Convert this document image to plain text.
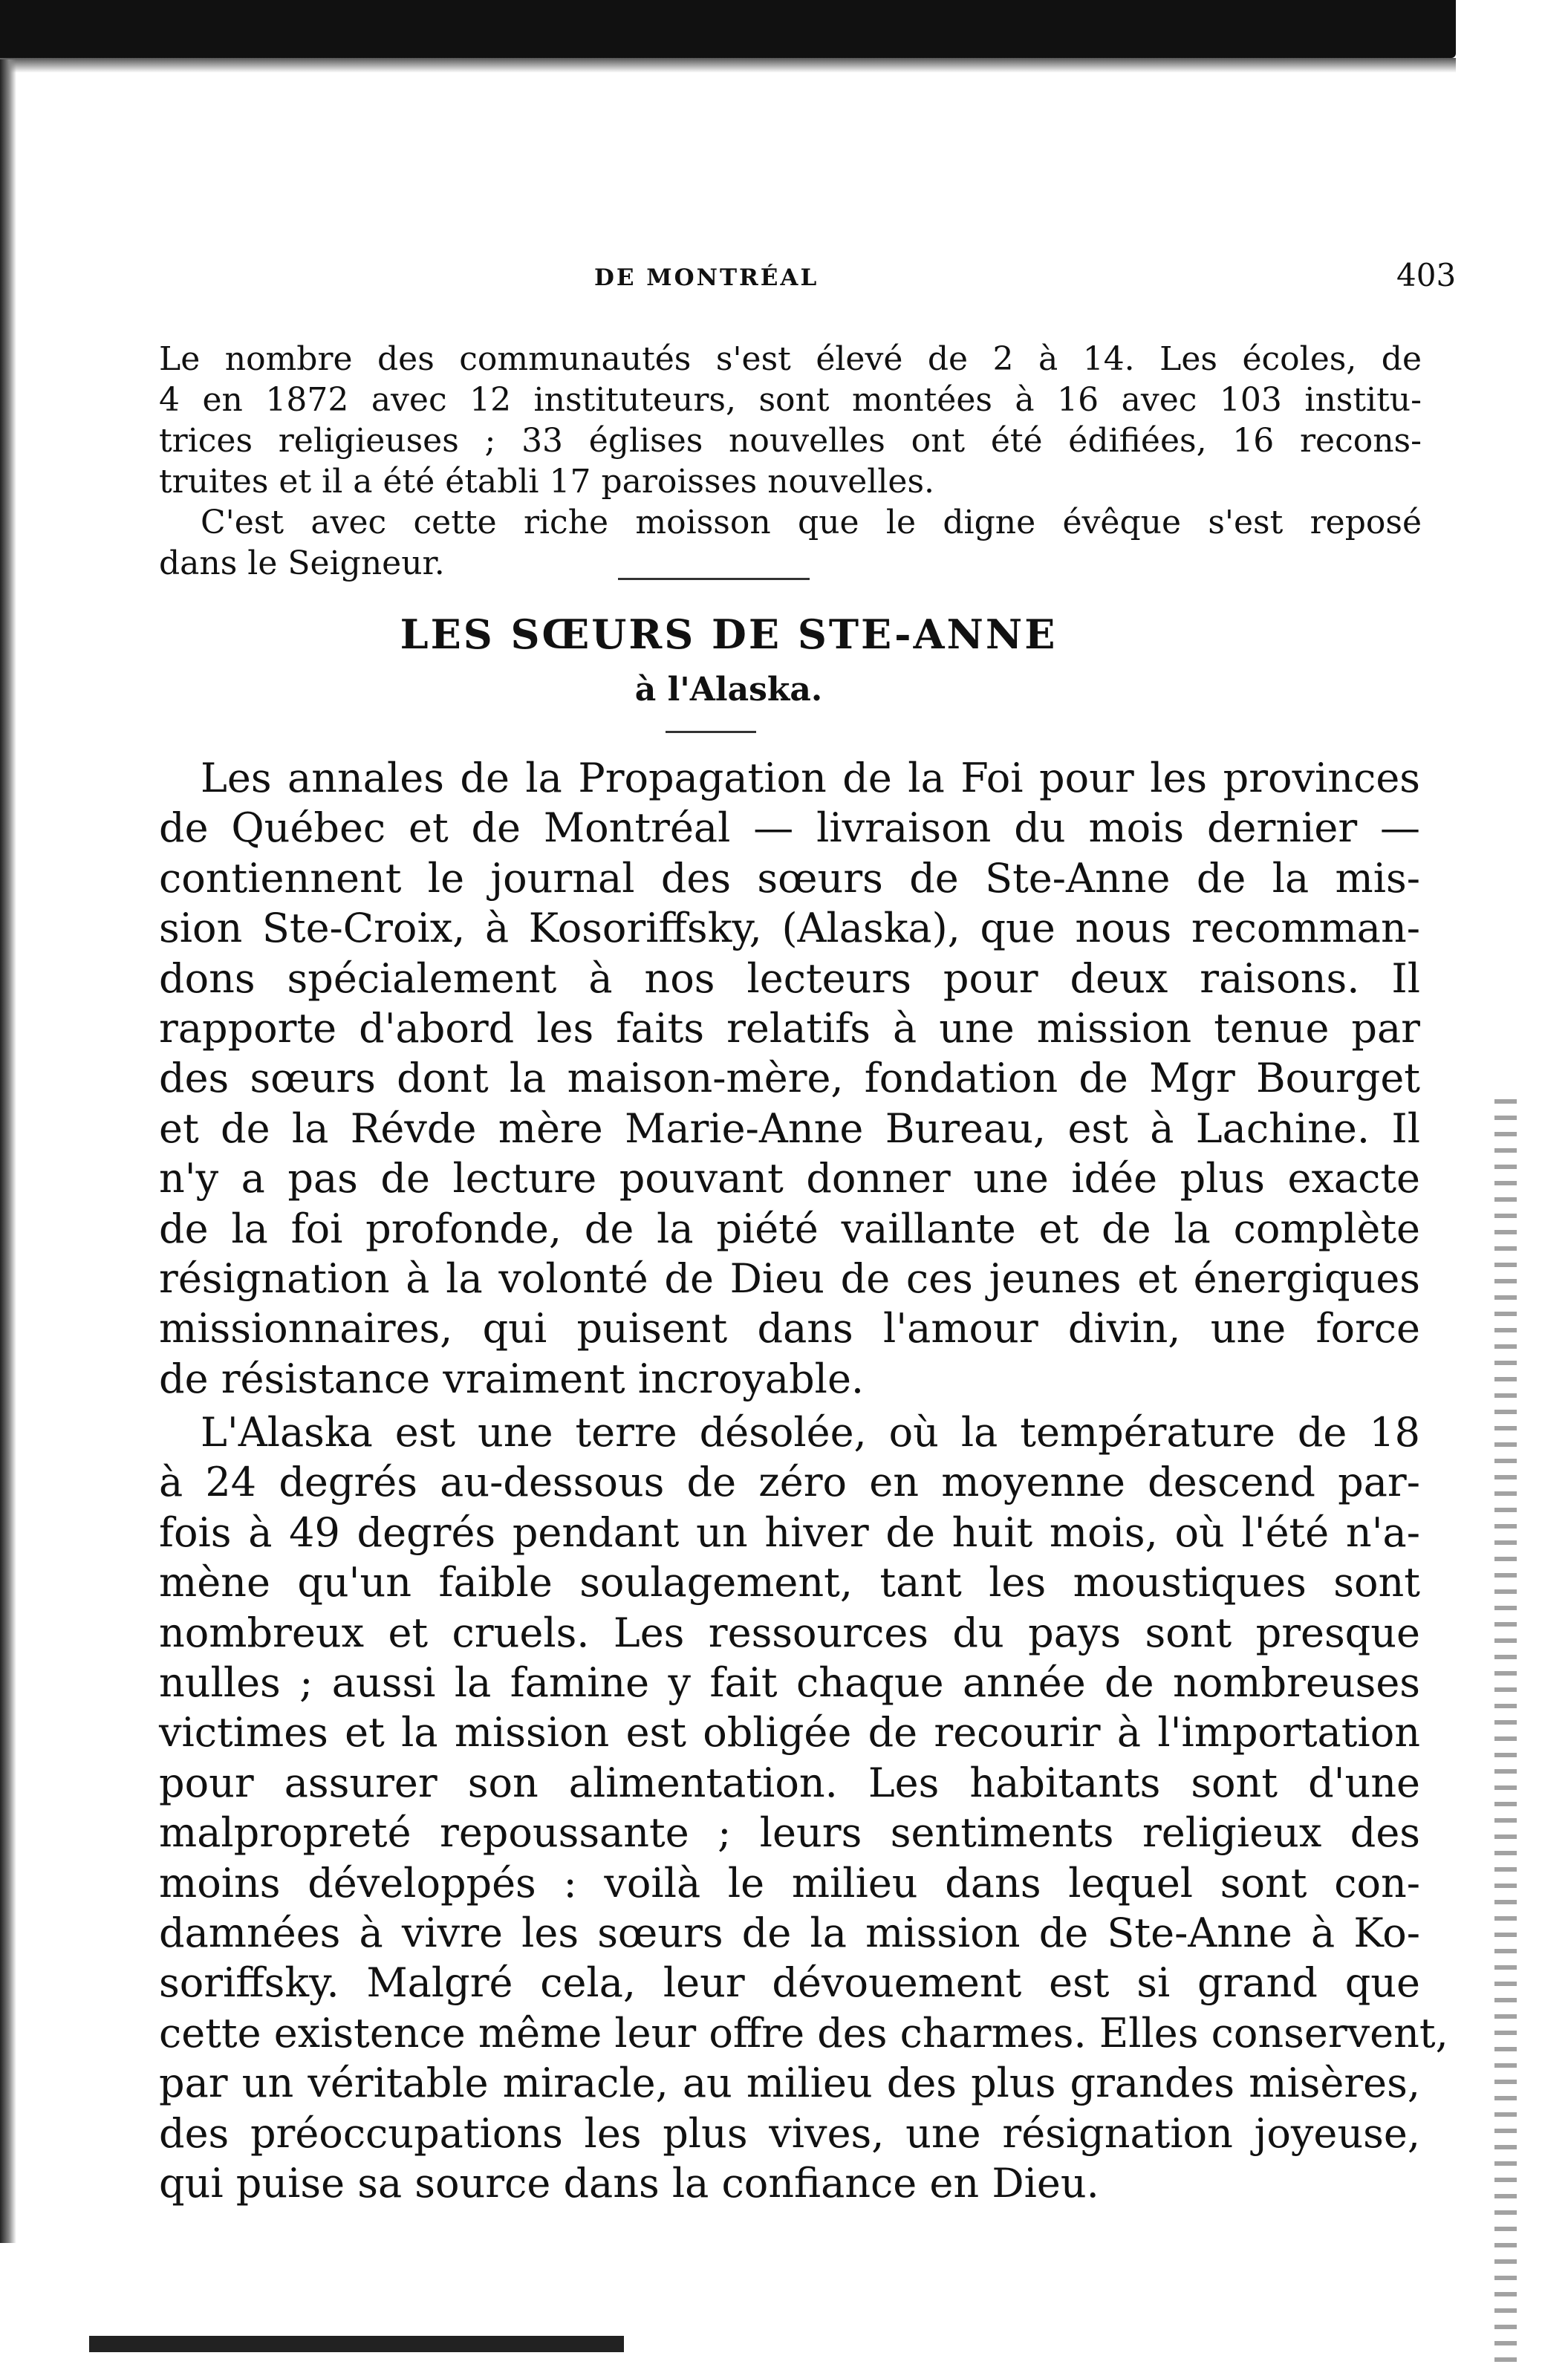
DE MONTRÉAL	403
Le nombre des communautés s'est élevé de 2 à 14. Les écoles, de
4 en 1872 avec 12 instituteurs, sont montées à 16 avec 103 institu-
trices religieuses ; 33 églises nouvelles ont été édifiées, 16 recons-
truites et il a été établi 17 paroisses nouvelles.
C'est avec cette riche moisson que le digne évêque s'est reposé
dans le Seigneur.
LES SŒURS DE STE-ANNE
à l'Alaska.
Les annales de la Propagation de la Foi pour les provinces
de Québec et de Montréal — livraison du mois dernier —
contiennent le journal des sœurs de Ste-Anne de la mis-
sion Ste-Croix, à Kosoriffsky, (Alaska), que nous recomman-
dons spécialement à nos lecteurs pour deux raisons. Il
rapporte d'abord les faits relatifs à une mission tenue par
des sœurs dont la maison-mère, fondation de Mgr Bourget
et de la Révde mère Marie-Anne Bureau, est à Lachine. Il
n'y a pas de lecture pouvant donner une idée plus exacte
de la foi profonde, de la piété vaillante et de la complète
résignation à la volonté de Dieu de ces jeunes et énergiques
missionnaires, qui puisent dans l'amour divin, une force
de résistance vraiment incroyable.
L'Alaska est une terre désolée, où la température de 18
à 24 degrés au-dessous de zéro en moyenne descend par-
fois à 49 degrés pendant un hiver de huit mois, où l'été n'a-
mène qu'un faible soulagement, tant les moustiques sont
nombreux et cruels. Les ressources du pays sont presque
nulles ; aussi la famine y fait chaque année de nombreuses
victimes et la mission est obligée de recourir à l'importation
pour assurer son alimentation. Les habitants sont d'une
malpropreté repoussante ; leurs sentiments religieux des
moins développés : voilà le milieu dans lequel sont con-
damnées à vivre les sœurs de la mission de Ste-Anne à Ko-
soriffsky. Malgré cela, leur dévouement est si grand que
cette existence même leur offre des charmes. Elles conservent,
par un véritable miracle, au milieu des plus grandes misères,
des préoccupations les plus vives, une résignation joyeuse,
qui puise sa source dans la confiance en Dieu.
